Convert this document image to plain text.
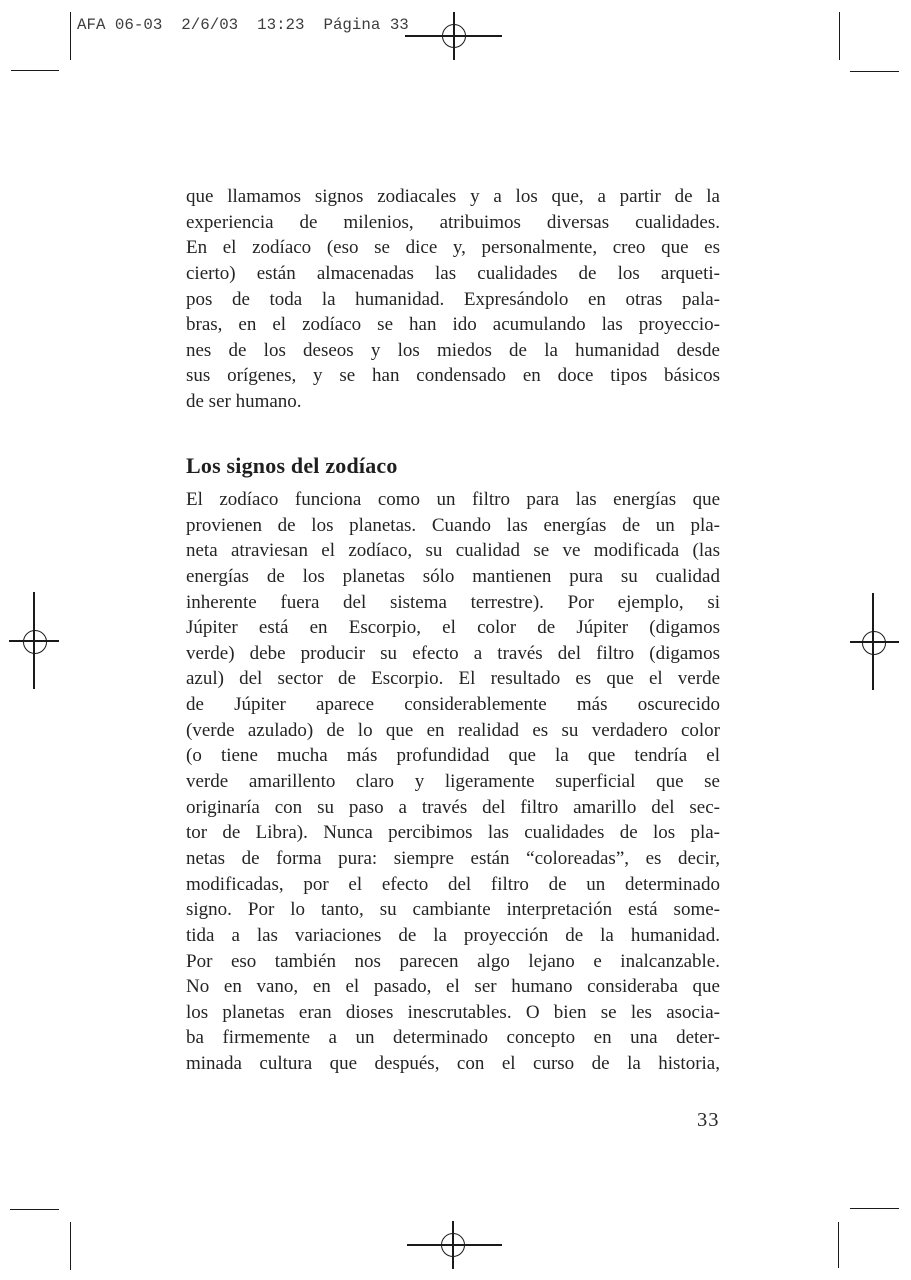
AFA 06-03  2/6/03  13:23  Página 33
que llamamos signos zodiacales y a los que, a partir de la
experiencia de milenios, atribuimos diversas cualidades.
En el zodíaco (eso se dice y, personalmente, creo que es
cierto) están almacenadas las cualidades de los arqueti-
pos de toda la humanidad. Expresándolo en otras pala-
bras, en el zodíaco se han ido acumulando las proyeccio-
nes de los deseos y los miedos de la humanidad desde
sus orígenes, y se han condensado en doce tipos básicos
de ser humano.
Los signos del zodíaco
El zodíaco funciona como un filtro para las energías que
provienen de los planetas. Cuando las energías de un pla-
neta atraviesan el zodíaco, su cualidad se ve modificada (las
energías de los planetas sólo mantienen pura su cualidad
inherente fuera del sistema terrestre). Por ejemplo, si
Júpiter está en Escorpio, el color de Júpiter (digamos
verde) debe producir su efecto a través del filtro (digamos
azul) del sector de Escorpio. El resultado es que el verde
de Júpiter aparece considerablemente más oscurecido
(verde azulado) de lo que en realidad es su verdadero color
(o tiene mucha más profundidad que la que tendría el
verde amarillento claro y ligeramente superficial que se
originaría con su paso a través del filtro amarillo del sec-
tor de Libra). Nunca percibimos las cualidades de los pla-
netas de forma pura: siempre están “coloreadas”, es decir,
modificadas, por el efecto del filtro de un determinado
signo. Por lo tanto, su cambiante interpretación está some-
tida a las variaciones de la proyección de la humanidad.
Por eso también nos parecen algo lejano e inalcanzable.
No en vano, en el pasado, el ser humano consideraba que
los planetas eran dioses inescrutables. O bien se les asocia-
ba firmemente a un determinado concepto en una deter-
minada cultura que después, con el curso de la historia,
33
